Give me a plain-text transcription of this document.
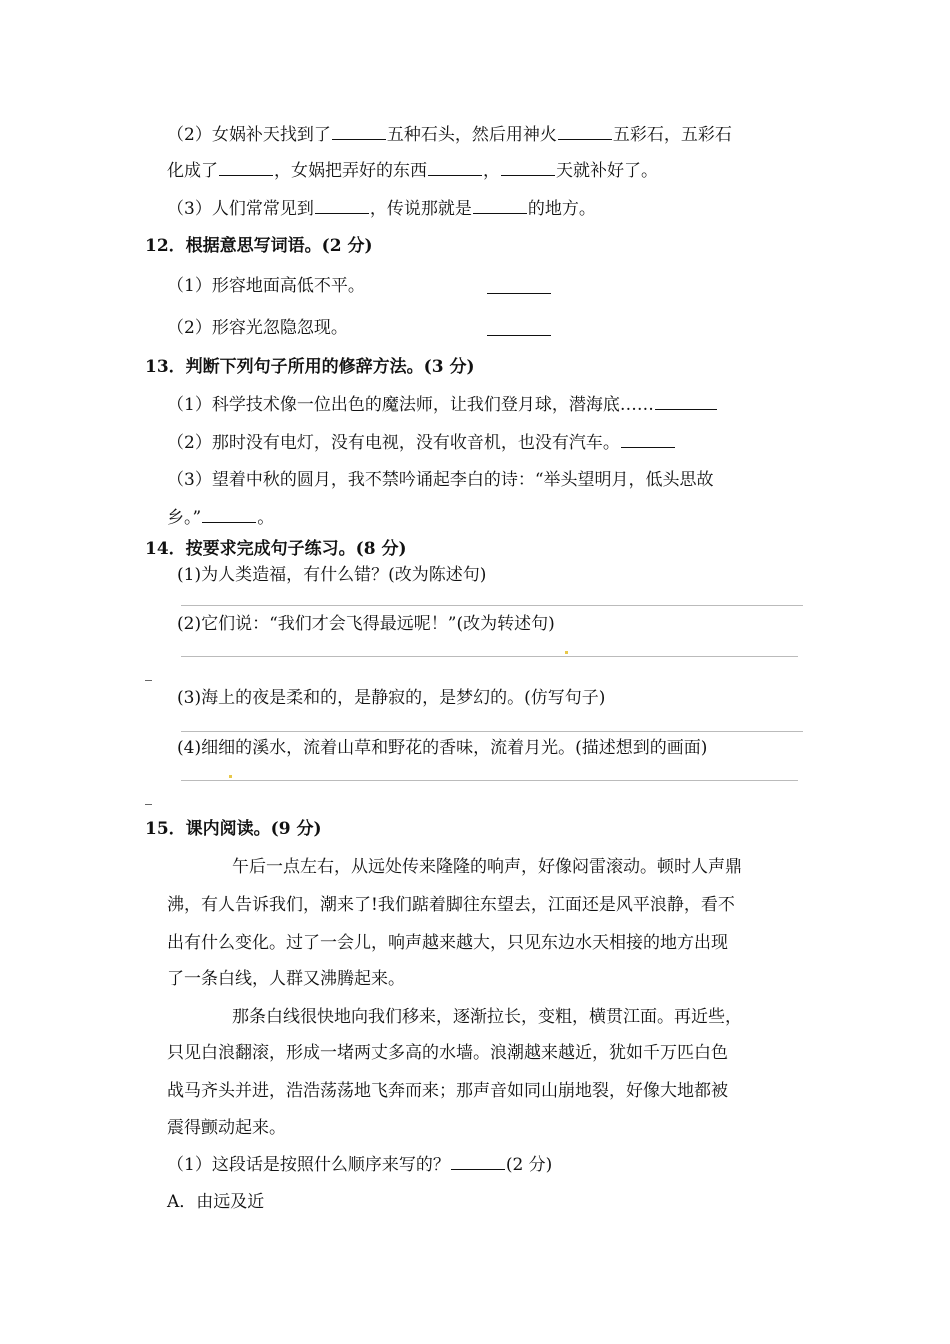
（2）女娲补天找到了	五种石头，然后用神火	五彩石，五彩石
化成了	，女娲把弄好的东西	，	天就补好了。
（3）人们常常见到	，传说那就是	的地方。
12．根据意思写词语。(2 分)
（1）形容地面高低不平。
（2）形容光忽隐忽现。
13．判断下列句子所用的修辞方法。(3 分)
（1）科学技术像一位出色的魔法师，让我们登月球，潜海底……
（2）那时没有电灯，没有电视，没有收音机，也没有汽车。
（3）望着中秋的圆月，我不禁吟诵起李白的诗：“举头望明月，低头思故
乡。”	。
14．按要求完成句子练习。(8 分)
(1)为人类造福，有什么错？(改为陈述句)
(2)它们说：“我们才会飞得最远呢！”(改为转述句)
(3)海上的夜是柔和的，是静寂的，是梦幻的。(仿写句子)
(4)细细的溪水，流着山草和野花的香味，流着月光。(描述想到的画面)
15．课内阅读。(9 分)
午后一点左右，从远处传来隆隆的响声，好像闷雷滚动。顿时人声鼎
沸，有人告诉我们，潮来了!我们踮着脚往东望去，江面还是风平浪静，看不
出有什么变化。过了一会儿，响声越来越大，只见东边水天相接的地方出现
了一条白线，人群又沸腾起来。
那条白线很快地向我们移来，逐渐拉长，变粗，横贯江面。再近些，
只见白浪翻滚，形成一堵两丈多高的水墙。浪潮越来越近，犹如千万匹白色
战马齐头并进，浩浩荡荡地飞奔而来；那声音如同山崩地裂，好像大地都被
震得颤动起来。
（1）这段话是按照什么顺序来写的？	(2 分)
A．由远及近
